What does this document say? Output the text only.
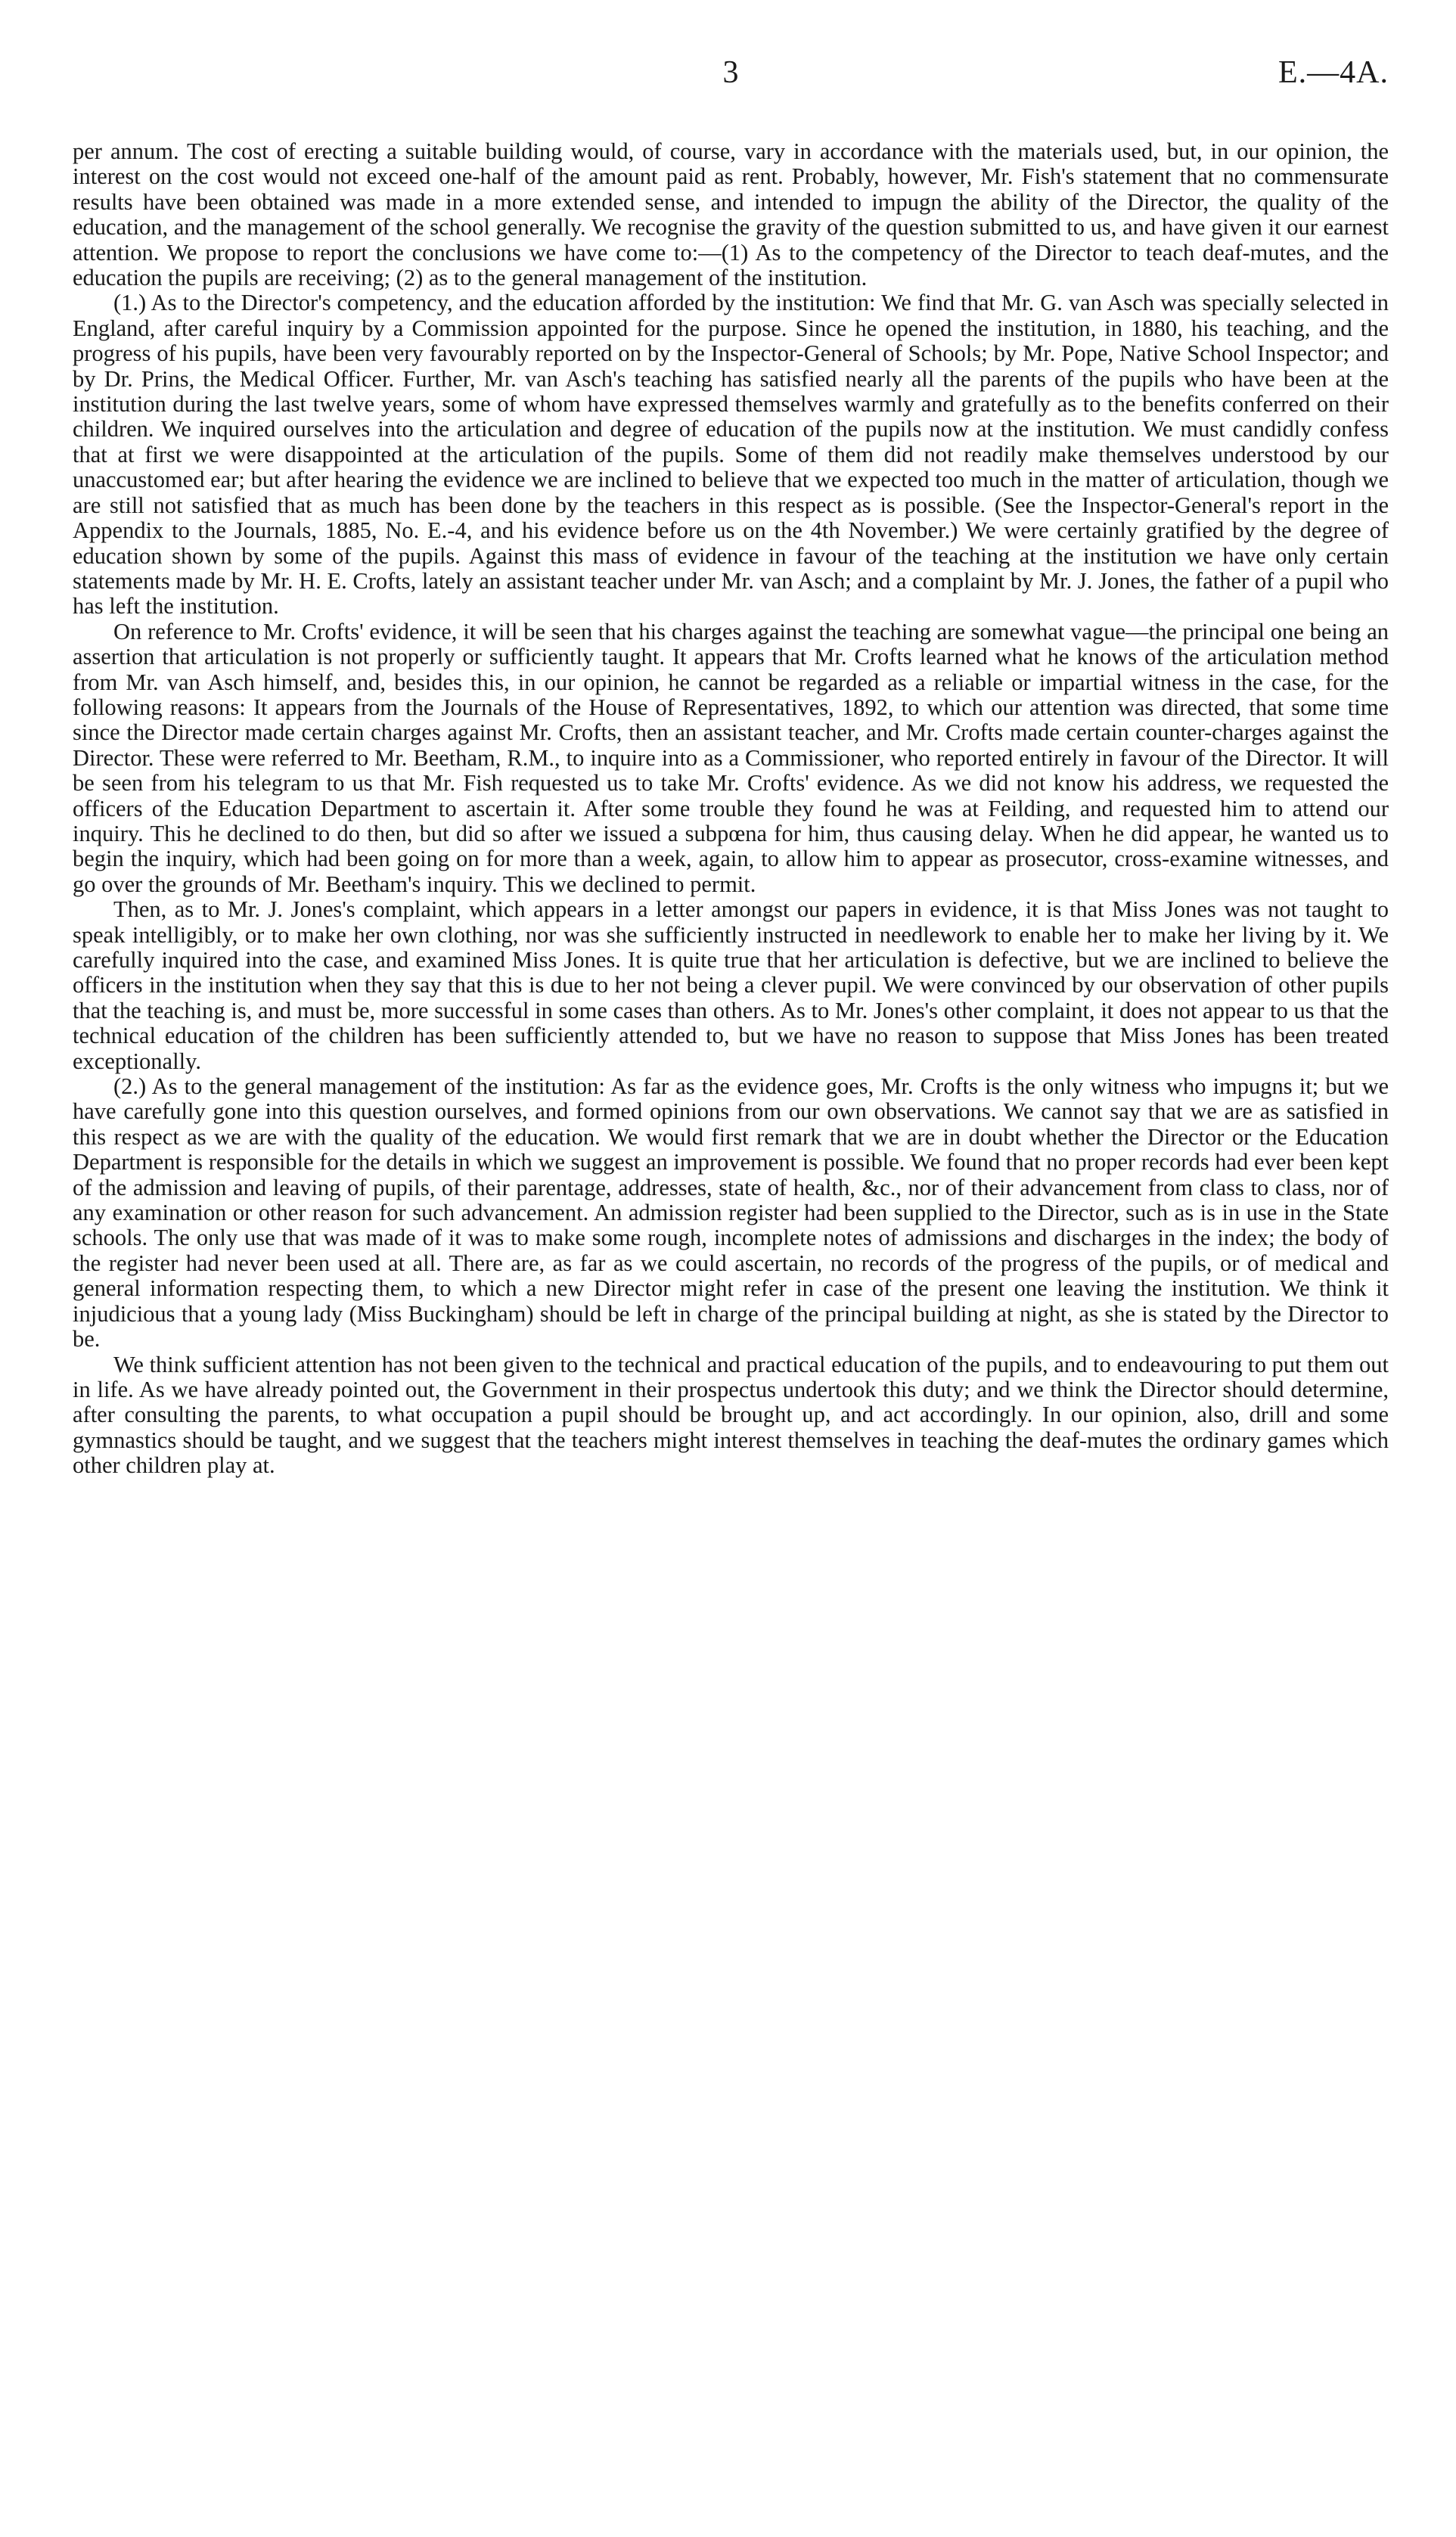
3	E.—4A.

per annum. The cost of erecting a suitable building would, of course, vary in accordance with the materials used, but, in our opinion, the interest on the cost would not exceed one-half of the amount paid as rent. Probably, however, Mr. Fish's statement that no commensurate results have been obtained was made in a more extended sense, and intended to impugn the ability of the Director, the quality of the education, and the management of the school generally. We recognise the gravity of the question submitted to us, and have given it our earnest attention. We propose to report the conclusions we have come to:—(1) As to the competency of the Director to teach deaf-mutes, and the education the pupils are receiving; (2) as to the general management of the institution.

(1.) As to the Director's competency, and the education afforded by the institution: We find that Mr. G. van Asch was specially selected in England, after careful inquiry by a Commission appointed for the purpose. Since he opened the institution, in 1880, his teaching, and the progress of his pupils, have been very favourably reported on by the Inspector-General of Schools; by Mr. Pope, Native School Inspector; and by Dr. Prins, the Medical Officer. Further, Mr. van Asch's teaching has satisfied nearly all the parents of the pupils who have been at the institution during the last twelve years, some of whom have expressed themselves warmly and gratefully as to the benefits conferred on their children. We inquired ourselves into the articulation and degree of education of the pupils now at the institution. We must candidly confess that at first we were disappointed at the articulation of the pupils. Some of them did not readily make themselves understood by our unaccustomed ear; but after hearing the evidence we are inclined to believe that we expected too much in the matter of articulation, though we are still not satisfied that as much has been done by the teachers in this respect as is possible. (See the Inspector-General's report in the Appendix to the Journals, 1885, No. E.-4, and his evidence before us on the 4th November.) We were certainly gratified by the degree of education shown by some of the pupils. Against this mass of evidence in favour of the teaching at the institution we have only certain statements made by Mr. H. E. Crofts, lately an assistant teacher under Mr. van Asch; and a complaint by Mr. J. Jones, the father of a pupil who has left the institution.

On reference to Mr. Crofts' evidence, it will be seen that his charges against the teaching are somewhat vague—the principal one being an assertion that articulation is not properly or sufficiently taught. It appears that Mr. Crofts learned what he knows of the articulation method from Mr. van Asch himself, and, besides this, in our opinion, he cannot be regarded as a reliable or impartial witness in the case, for the following reasons: It appears from the Journals of the House of Representatives, 1892, to which our attention was directed, that some time since the Director made certain charges against Mr. Crofts, then an assistant teacher, and Mr. Crofts made certain counter-charges against the Director. These were referred to Mr. Beetham, R.M., to inquire into as a Commissioner, who reported entirely in favour of the Director. It will be seen from his telegram to us that Mr. Fish requested us to take Mr. Crofts' evidence. As we did not know his address, we requested the officers of the Education Department to ascertain it. After some trouble they found he was at Feilding, and requested him to attend our inquiry. This he declined to do then, but did so after we issued a subpœna for him, thus causing delay. When he did appear, he wanted us to begin the inquiry, which had been going on for more than a week, again, to allow him to appear as prosecutor, cross-examine witnesses, and go over the grounds of Mr. Beetham's inquiry. This we declined to permit.

Then, as to Mr. J. Jones's complaint, which appears in a letter amongst our papers in evidence, it is that Miss Jones was not taught to speak intelligibly, or to make her own clothing, nor was she sufficiently instructed in needlework to enable her to make her living by it. We carefully inquired into the case, and examined Miss Jones. It is quite true that her articulation is defective, but we are inclined to believe the officers in the institution when they say that this is due to her not being a clever pupil. We were convinced by our observation of other pupils that the teaching is, and must be, more successful in some cases than others. As to Mr. Jones's other complaint, it does not appear to us that the technical education of the children has been sufficiently attended to, but we have no reason to suppose that Miss Jones has been treated exceptionally.

(2.) As to the general management of the institution: As far as the evidence goes, Mr. Crofts is the only witness who impugns it; but we have carefully gone into this question ourselves, and formed opinions from our own observations. We cannot say that we are as satisfied in this respect as we are with the quality of the education. We would first remark that we are in doubt whether the Director or the Education Department is responsible for the details in which we suggest an improvement is possible. We found that no proper records had ever been kept of the admission and leaving of pupils, of their parentage, addresses, state of health, &c., nor of their advancement from class to class, nor of any examination or other reason for such advancement. An admission register had been supplied to the Director, such as is in use in the State schools. The only use that was made of it was to make some rough, incomplete notes of admissions and discharges in the index; the body of the register had never been used at all. There are, as far as we could ascertain, no records of the progress of the pupils, or of medical and general information respecting them, to which a new Director might refer in case of the present one leaving the institution. We think it injudicious that a young lady (Miss Buckingham) should be left in charge of the principal building at night, as she is stated by the Director to be.

We think sufficient attention has not been given to the technical and practical education of the pupils, and to endeavouring to put them out in life. As we have already pointed out, the Government in their prospectus undertook this duty; and we think the Director should determine, after consulting the parents, to what occupation a pupil should be brought up, and act accordingly. In our opinion, also, drill and some gymnastics should be taught, and we suggest that the teachers might interest themselves in teaching the deaf-mutes the ordinary games which other children play at.
